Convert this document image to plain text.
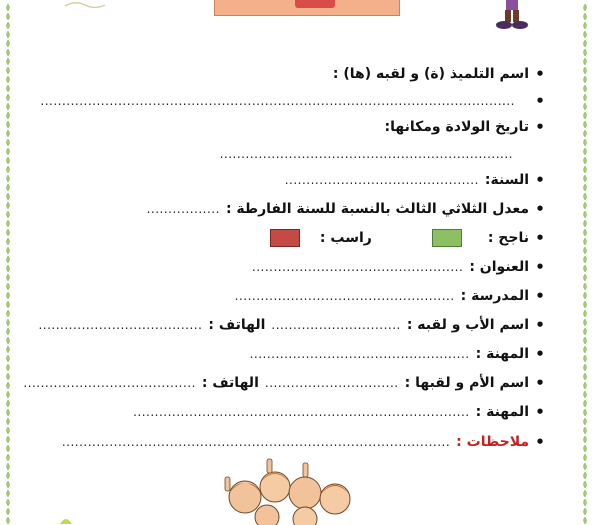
•
اسم التلميذ (ة) و لقبه (ها) :
•
..............................................................................................................
•
تاريخ الولادة ومكانها:
....................................................................
•
السنة:
.............................................
•
معدل الثلاثي الثالث بالنسبة للسنة الفارطة :
.................
•
ناجح :
راسب :
•
العنوان :
.................................................
•
المدرسة :
...................................................
•
اسم الأب و لقبه :
..............................
الهاتف :
......................................
•
المهنة :
...................................................
•
اسم الأم و لقبها :
...............................
الهاتف :
........................................
•
المهنة :
..............................................................................
•
ملاحظات :
..........................................................................................
